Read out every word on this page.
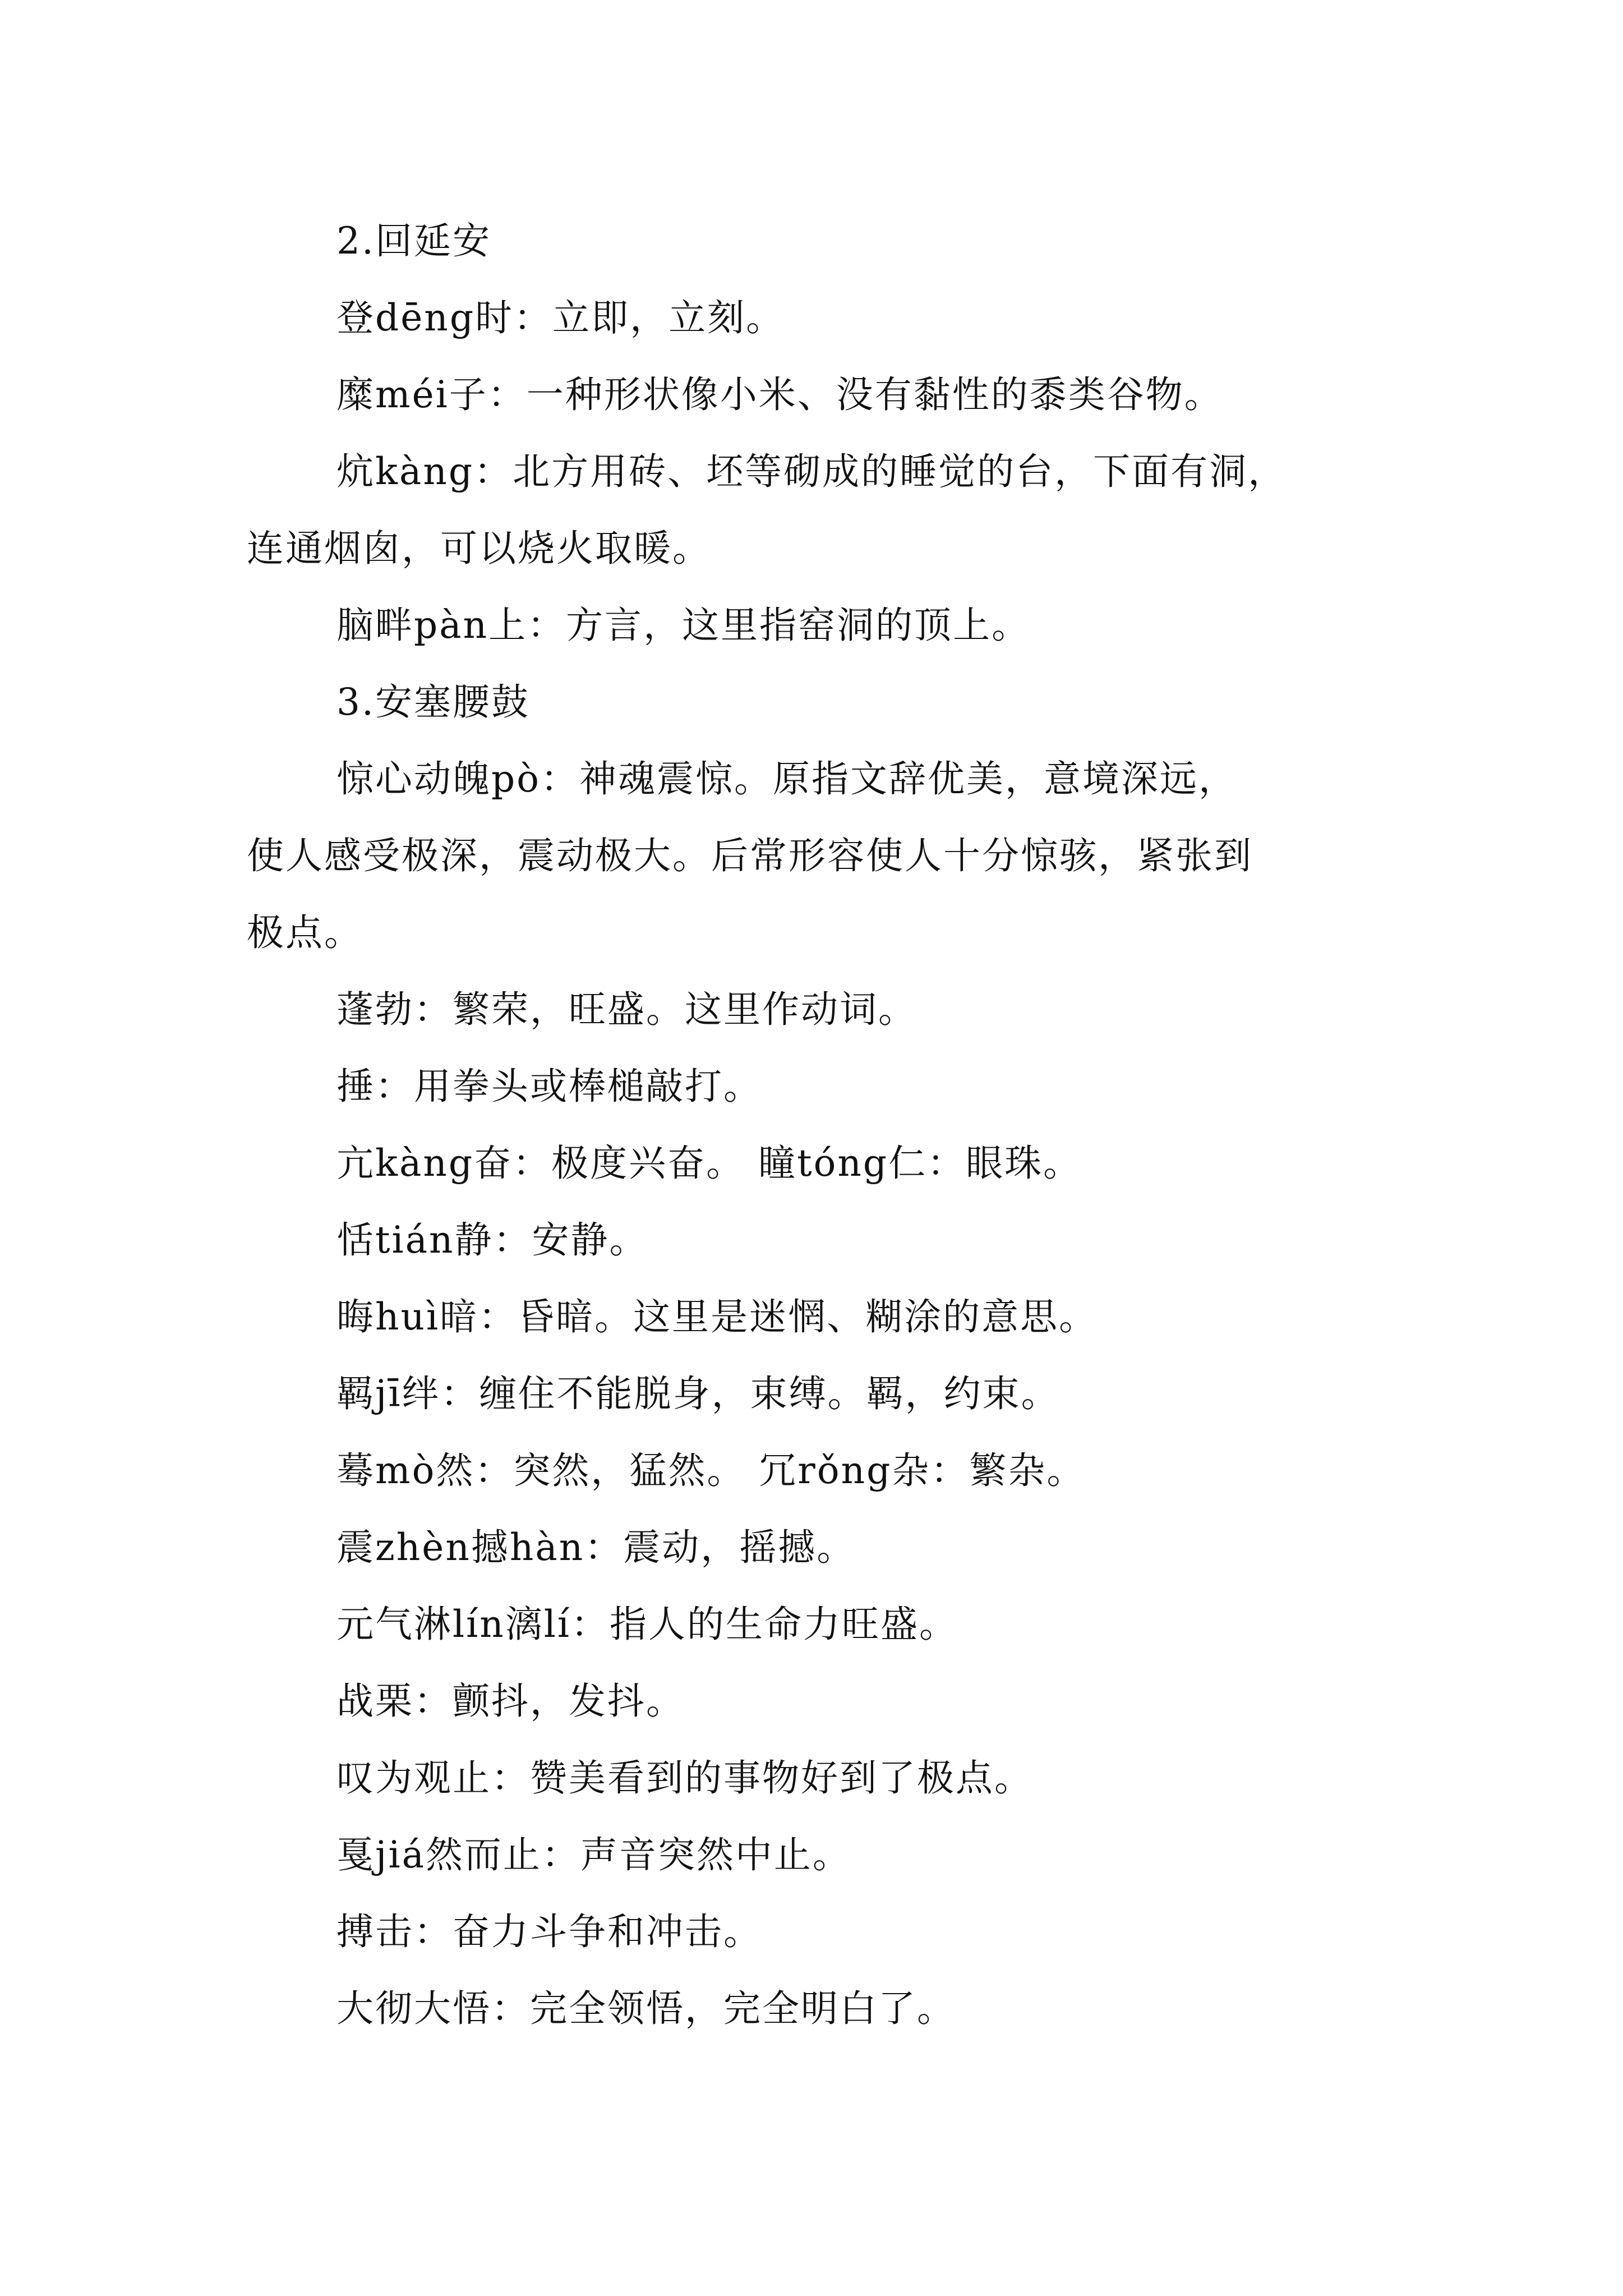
2.回延安
登dēng时：立即，立刻。
糜méi子：一种形状像小米、没有黏性的黍类谷物。
炕kàng：北方用砖、坯等砌成的睡觉的台，下面有洞，
连通烟囱，可以烧火取暖。
脑畔pàn上：方言，这里指窑洞的顶上。
3.安塞腰鼓
惊心动魄pò：神魂震惊。原指文辞优美，意境深远，
使人感受极深，震动极大。后常形容使人十分惊骇，紧张到
极点。
蓬勃：繁荣，旺盛。这里作动词。
捶：用拳头或棒槌敲打。
亢kàng奋：极度兴奋。 瞳tóng仁：眼珠。
恬tián静：安静。
晦huì暗：昏暗。这里是迷惘、糊涂的意思。
羁jī绊：缠住不能脱身，束缚。羁，约束。
蓦mò然：突然，猛然。 冗rǒng杂：繁杂。
震zhèn撼hàn：震动，摇撼。
元气淋lín漓lí：指人的生命力旺盛。
战栗：颤抖，发抖。
叹为观止：赞美看到的事物好到了极点。
戛jiá然而止：声音突然中止。
搏击：奋力斗争和冲击。
大彻大悟：完全领悟，完全明白了。
